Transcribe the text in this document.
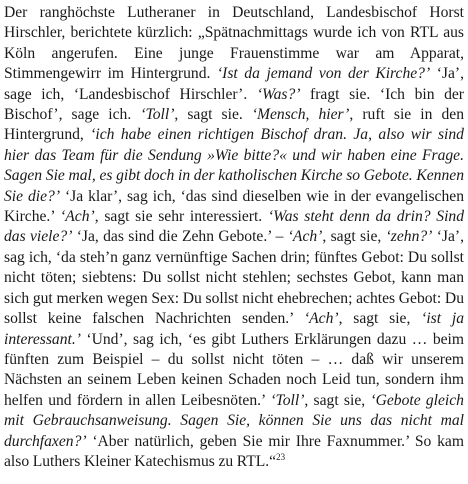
Der ranghöchste Lutheraner in Deutschland, Landesbischof Horst Hirschler, berichtete kürzlich: „Spätnachmittags wurde ich von RTL aus Köln angerufen. Eine junge Frauenstimme war am Apparat, Stimmengewirr im Hintergrund. ‘Ist da jemand von der Kirche?’ ‘Ja’, sage ich, ‘Landesbischof Hirschler’. ‘Was?’ fragt sie. ‘Ich bin der Bischof’, sage ich. ‘Toll’, sagt sie. ‘Mensch, hier’, ruft sie in den Hintergrund, ‘ich habe einen richtigen Bischof dran. Ja, also wir sind hier das Team für die Sendung »Wie bitte?« und wir haben eine Frage. Sagen Sie mal, es gibt doch in der katholischen Kirche so Gebote. Kennen Sie die?’ ‘Ja klar’, sag ich, ‘das sind dieselben wie in der evangelischen Kirche.’ ‘Ach’, sagt sie sehr interessiert. ‘Was steht denn da drin? Sind das viele?’ ‘Ja, das sind die Zehn Gebote.’ – ‘Ach’, sagt sie, ‘zehn?’ ‘Ja’, sag ich, ‘da steh’n ganz vernünftige Sachen drin; fünftes Gebot: Du sollst nicht töten; siebtens: Du sollst nicht stehlen; sechstes Gebot, kann man sich gut merken wegen Sex: Du sollst nicht ehebrechen; achtes Gebot: Du sollst keine falschen Nachrichten senden.’ ‘Ach’, sagt sie, ‘ist ja interessant.’ ‘Und’, sag ich, ‘es gibt Luthers Erklärungen dazu … beim fünften zum Beispiel – du sollst nicht töten – … daß wir unserem Nächsten an seinem Leben keinen Schaden noch Leid tun, sondern ihm helfen und fördern in allen Leibesnöten.’ ‘Toll’, sagt sie, ‘Gebote gleich mit Gebrauchsanweisung. Sagen Sie, können Sie uns das nicht mal durchfaxen?’ ‘Aber natürlich, geben Sie mir Ihre Faxnummer.’ So kam also Luthers Kleiner Katechismus zu RTL.“$^{23}$
